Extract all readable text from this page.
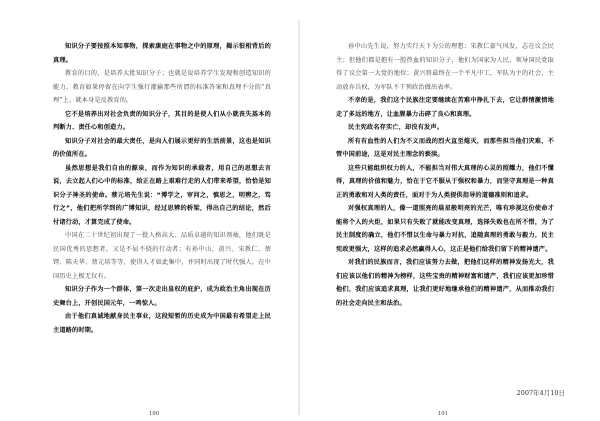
知识分子要按照本知事物，探索康庭在事物之中的原理，揭示很相背后的真理。

教育的目的，是培养大批知识分子；也就是说培养学生发现和创造知识的能力。教育如果停留在向学生强行灌输那些所谓的标准答案和真理不分的“真理”上，就本身是反教育的。

它不是培养出对社会负责的知识分子，其目的是使人们从小就丧失基本的判断力、责任心和创造力。

知识分子对社会的最大责任，是向人们展示更好的生活前景，这也是知识的价值所在。

虽然思想是我们自由的源泉，而作为知识的承载者，用自己的思想去言说，去立起人们心中的标准，给正在路上艰难行走的人们带来希望，恰恰是知识分子神圣的使命。蔡元培先生说：“博学之，审问之，慎思之，明辨之，笃行之”，他们把所学到的广博知识，经过思辨的桥梁，得出自己的结论，然后付诸行动，才算完成了使命。

中国在二十世纪初出现了一批人格高大、品质卓越的知识领袖，他们既是民国优秀的思想者，又是不屈不挠的行动者；有孙中山、黄兴、宋教仁、蔡锷、陈天华、蔡元培等等，使得人才如此集中，并同时出现了时代强人，在中国历史上极无仅有。

知识分子作为一个群体，第一次走出皇权的庇护，成为政治主角出现在历史舞台上，开创民国元年，一鸣惊人。

由于他们真诚地献身民主事业，这段短暂的历史成为中国最有希望走上民主道路的时期。

190

孙中山先生说，努力实行天下为公的理想；宋教仁豪气风发，志在议会民主；但他们都是抱有一腔热血的知识分子，他们为国家为人民，领导国民党取得了议会第一大党的地位；黄兴将最终在一个平凡中工，军队为主的社会，主动放弃兵权，为军队不干预政治做出表率。

不幸的是，我们这个民族注定要继续在苦难中挣扎下去，它让群情激愤地走了多远的地方，让血腥暴力击碎了良心和真理。

民主宪政名存实亡，却没有发声。

所有有血性的人们为不义而战的烈火直至熄灭，而那些担当他们灾难，不管中国前途，这是对民主理念的亵渎。

这些只能组织权力的人，不能担当对伟大真理的心灵的照耀力，他们不懂得，真理的价值和魅力，恰在于它不服从于强权和暴力，而坚守真理是一种真正的勇敢和对人类的责任，面对于为人类提供指导的道德准则和追求。

对强权真理的人，像一道照亮的晨星般明亮的光芒，唯有珍视这份使命才能将个人的火炬，如果只有失败了就能改变真理，选择失败也在所不惜，为了民主制度的确立，他们不惜以生命与暴力对抗，追随真理的勇敢与毅力，民主宪政更强大，这样的追求必然赢得人心，这正是他们给我们留下的精神遗产。

对我们的民族而言，我们应该努力去做，把他们这样的精神发扬光大，我们应该以他们的精神为榜样，这些宝贵的精神财富和遗产，我们应该更加珍惜他们，我们应该追求真理，让我们更好地继承他们的精神遗产，从而推动我们的社会走向民主和法治。

2007年4月10日
191
